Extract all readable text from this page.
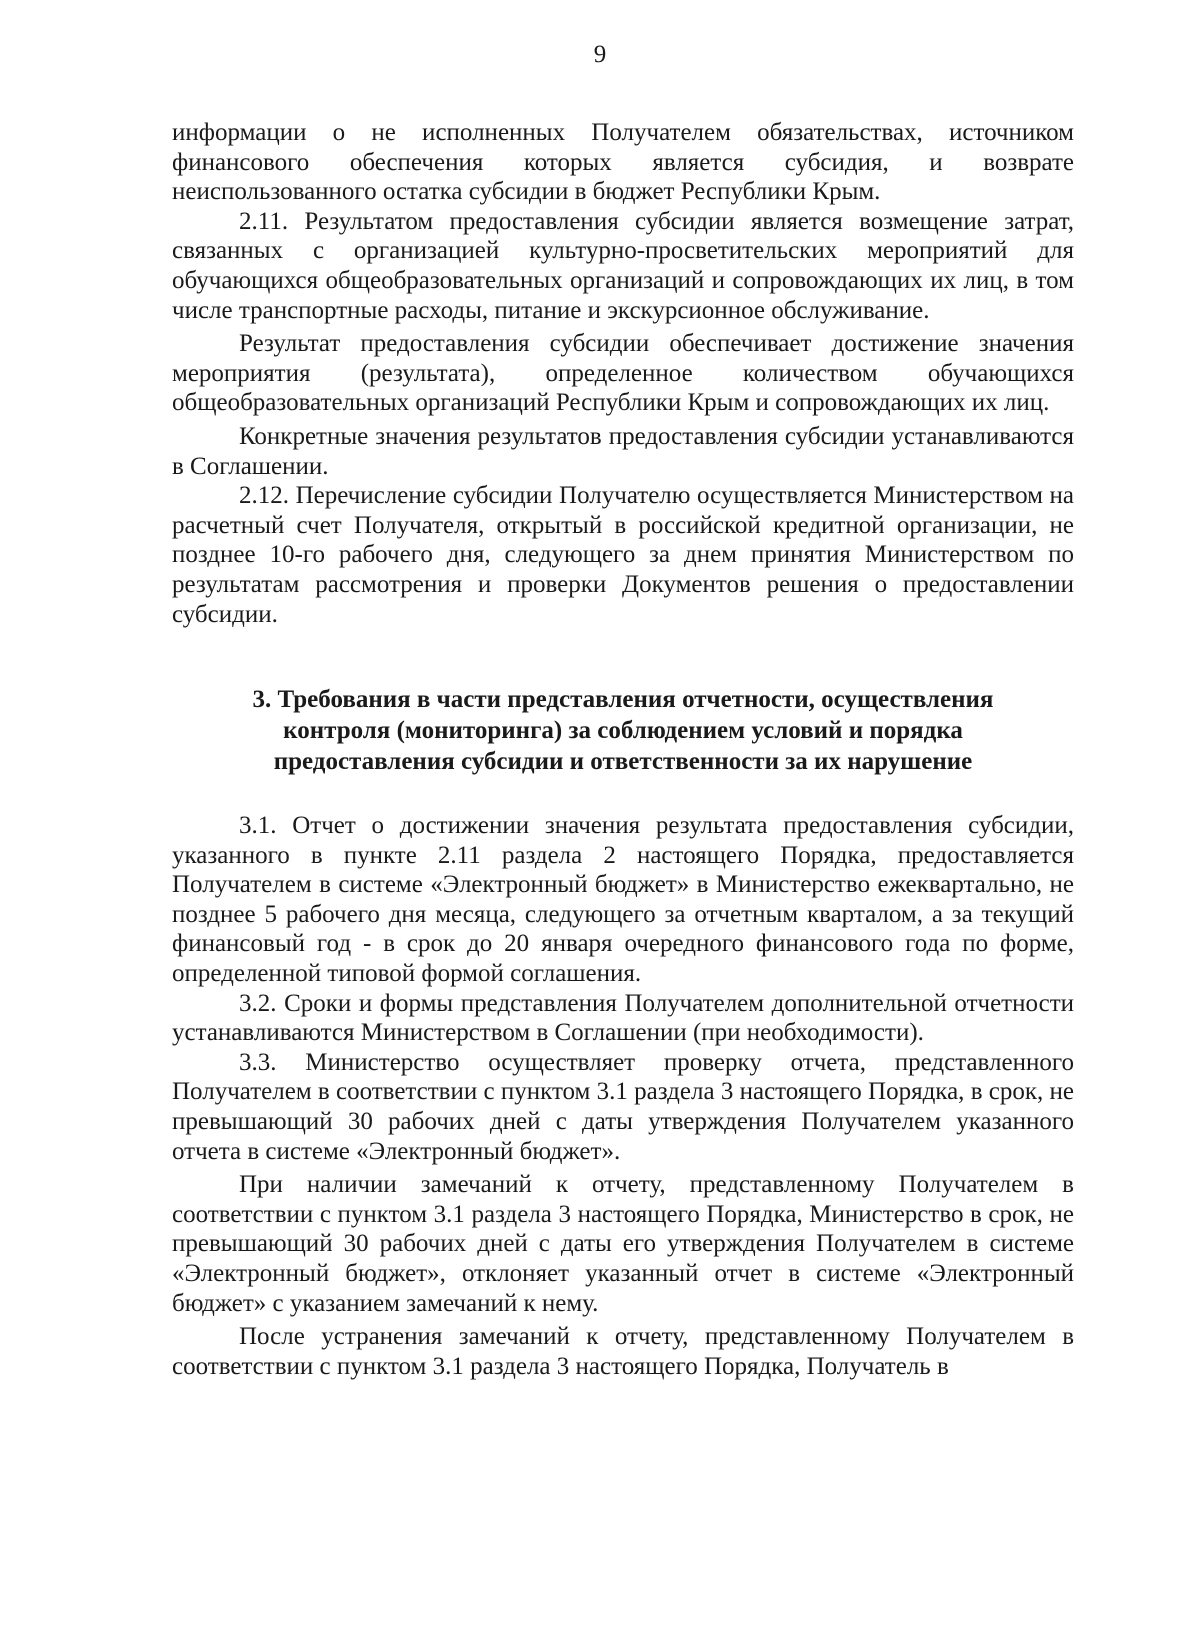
9

информации о не исполненных Получателем обязательствах, источником финансового обеспечения которых является субсидия, и возврате неиспользованного остатка субсидии в бюджет Республики Крым.

2.11. Результатом предоставления субсидии является возмещение затрат, связанных с организацией культурно-просветительских мероприятий для обучающихся общеобразовательных организаций и сопровождающих их лиц, в том числе транспортные расходы, питание и экскурсионное обслуживание.

Результат предоставления субсидии обеспечивает достижение значения мероприятия (результата), определенное количеством обучающихся общеобразовательных организаций Республики Крым и сопровождающих их лиц.

Конкретные значения результатов предоставления субсидии устанавливаются в Соглашении.

2.12. Перечисление субсидии Получателю осуществляется Министерством на расчетный счет Получателя, открытый в российской кредитной организации, не позднее 10-го рабочего дня, следующего за днем принятия Министерством по результатам рассмотрения и проверки Документов решения о предоставлении субсидии.

3. Требования в части представления отчетности, осуществления
контроля (мониторинга) за соблюдением условий и порядка
предоставления субсидии и ответственности за их нарушение

3.1. Отчет о достижении значения результата предоставления субсидии, указанного в пункте 2.11 раздела 2 настоящего Порядка, предоставляется Получателем в системе «Электронный бюджет» в Министерство ежеквартально, не позднее 5 рабочего дня месяца, следующего за отчетным кварталом, а за текущий финансовый год - в срок до 20 января очередного финансового года по форме, определенной типовой формой соглашения.

3.2. Сроки и формы представления Получателем дополнительной отчетности устанавливаются Министерством в Соглашении (при необходимости).

3.3. Министерство осуществляет проверку отчета, представленного Получателем в соответствии с пунктом 3.1 раздела 3 настоящего Порядка, в срок, не превышающий 30 рабочих дней с даты утверждения Получателем указанного отчета в системе «Электронный бюджет».

При наличии замечаний к отчету, представленному Получателем в соответствии с пунктом 3.1 раздела 3 настоящего Порядка, Министерство в срок, не превышающий 30 рабочих дней с даты его утверждения Получателем в системе «Электронный бюджет», отклоняет указанный отчет в системе «Электронный бюджет» с указанием замечаний к нему.

После устранения замечаний к отчету, представленному Получателем в соответствии с пунктом 3.1 раздела 3 настоящего Порядка, Получатель в
